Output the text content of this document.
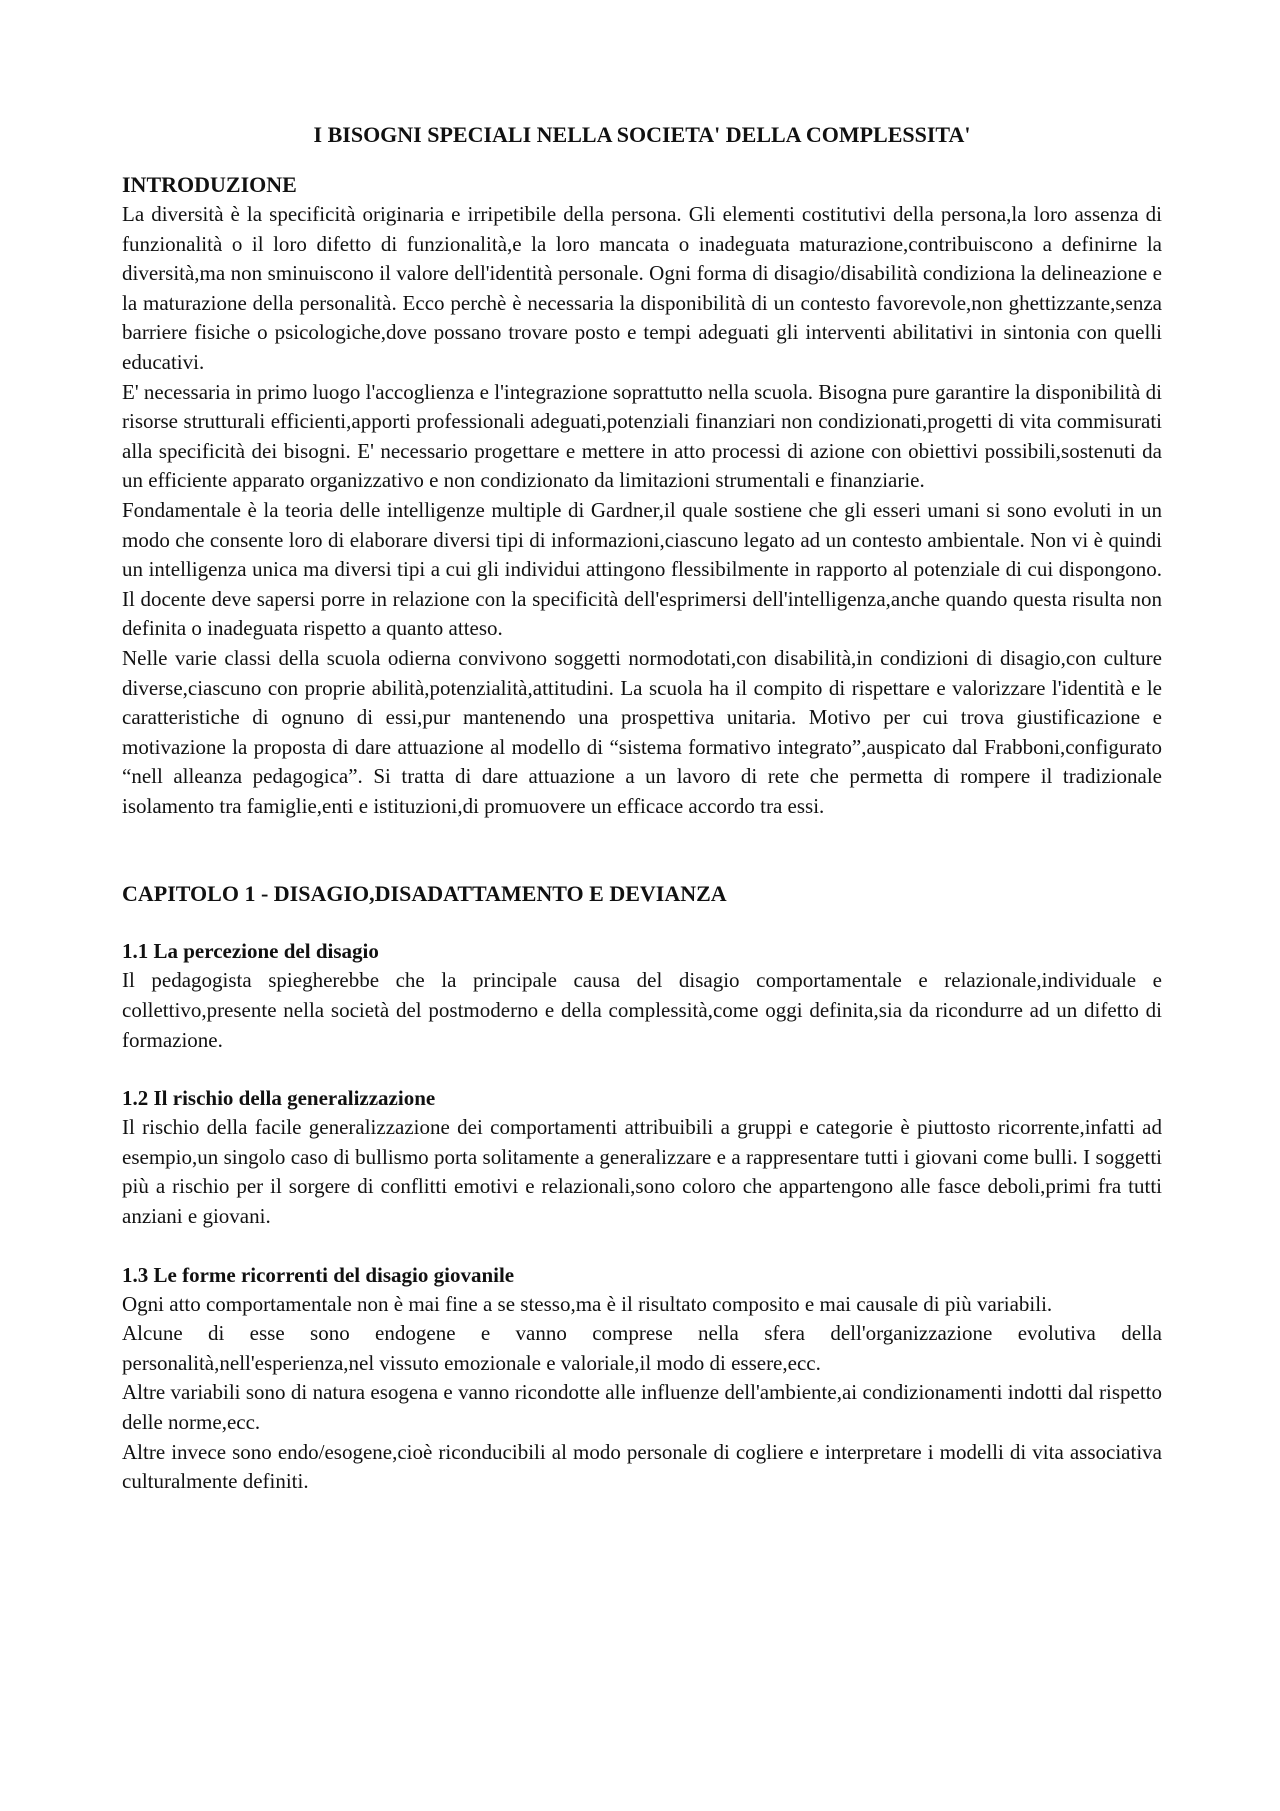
I BISOGNI SPECIALI NELLA SOCIETA' DELLA COMPLESSITA'
INTRODUZIONE

La diversità è la specificità originaria e irripetibile della persona. Gli elementi costitutivi della persona,la loro assenza di funzionalità o il loro difetto di funzionalità,e la loro mancata o inadeguata maturazione,contribuiscono a definirne la diversità,ma non sminuiscono il valore dell'identità personale. Ogni forma di disagio/disabilità condiziona la delineazione e la maturazione della personalità. Ecco perchè è necessaria la disponibilità di un contesto favorevole,non ghettizzante,senza barriere fisiche o psicologiche,dove possano trovare posto e tempi adeguati gli interventi abilitativi in sintonia con quelli educativi.

E' necessaria in primo luogo l'accoglienza e l'integrazione soprattutto nella scuola. Bisogna pure garantire la disponibilità di risorse strutturali efficienti,apporti professionali adeguati,potenziali finanziari non condizionati,progetti di vita commisurati alla specificità dei bisogni. E' necessario progettare e mettere in atto processi di azione con obiettivi possibili,sostenuti da un efficiente apparato organizzativo e non condizionato da limitazioni strumentali e finanziarie.

Fondamentale è la teoria delle intelligenze multiple di Gardner,il quale sostiene che gli esseri umani si sono evoluti in un modo che consente loro di elaborare diversi tipi di informazioni,ciascuno legato ad un contesto ambientale. Non vi è quindi un intelligenza unica ma diversi tipi a cui gli individui attingono flessibilmente in rapporto al potenziale di cui dispongono. Il docente deve sapersi porre in relazione con la specificità dell'esprimersi dell'intelligenza,anche quando questa risulta non definita o inadeguata rispetto a quanto atteso.

Nelle varie classi della scuola odierna convivono soggetti normodotati,con disabilità,in condizioni di disagio,con culture diverse,ciascuno con proprie abilità,potenzialità,attitudini. La scuola ha il compito di rispettare e valorizzare l'identità e le caratteristiche di ognuno di essi,pur mantenendo una prospettiva unitaria. Motivo per cui trova giustificazione e motivazione la proposta di dare attuazione al modello di “sistema formativo integrato”,auspicato dal Frabboni,configurato “nell alleanza pedagogica”. Si tratta di dare attuazione a un lavoro di rete che permetta di rompere il tradizionale isolamento tra famiglie,enti e istituzioni,di promuovere un efficace accordo tra essi.

CAPITOLO 1 - DISAGIO,DISADATTAMENTO E DEVIANZA
1.1 La percezione del disagio

Il pedagogista spiegherebbe che la principale causa del disagio comportamentale e relazionale,individuale e collettivo,presente nella società del postmoderno e della complessità,come oggi definita,sia da ricondurre ad un difetto di formazione.

1.2 Il rischio della generalizzazione

Il rischio della facile generalizzazione dei comportamenti attribuibili a gruppi e categorie è piuttosto ricorrente,infatti ad esempio,un singolo caso di bullismo porta solitamente a generalizzare e a rappresentare tutti i giovani come bulli. I soggetti più a rischio per il sorgere di conflitti emotivi e relazionali,sono coloro che appartengono alle fasce deboli,primi fra tutti anziani e giovani.

1.3 Le forme ricorrenti del disagio giovanile

Ogni atto comportamentale non è mai fine a se stesso,ma è il risultato composito e mai causale di più variabili.

Alcune di esse sono endogene e vanno comprese nella sfera dell'organizzazione evolutiva della personalità,nell'esperienza,nel vissuto emozionale e valoriale,il modo di essere,ecc.

Altre variabili sono di natura esogena e vanno ricondotte alle influenze dell'ambiente,ai condizionamenti indotti dal rispetto delle norme,ecc.

Altre invece sono endo/esogene,cioè riconducibili al modo personale di cogliere e interpretare i modelli di vita associativa culturalmente definiti.
